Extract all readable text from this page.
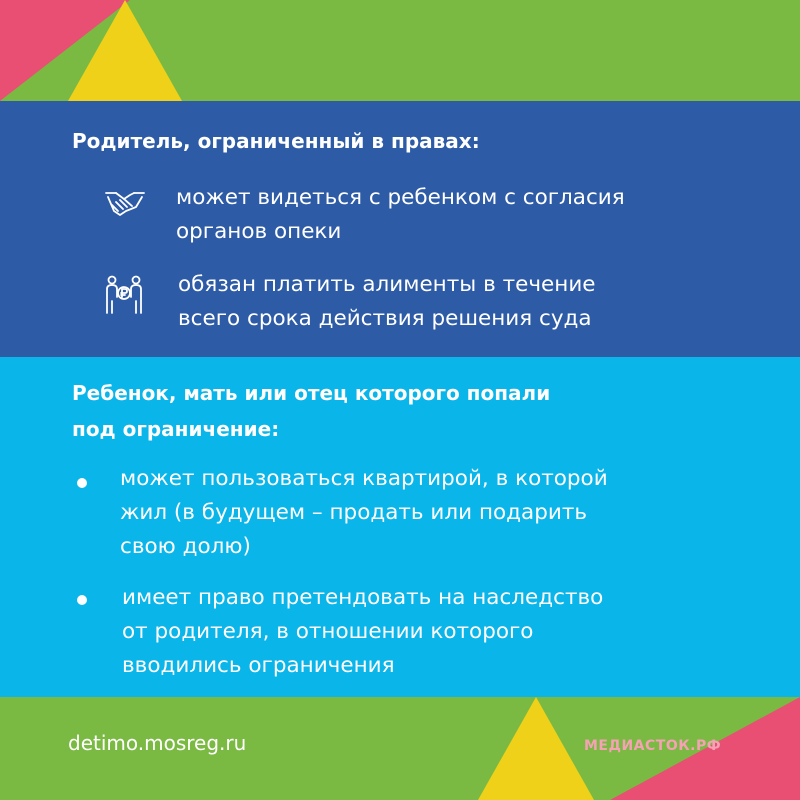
Родитель, ограниченный в правах:

может видеться с ребенком с согласия
органов опеки

обязан платить алименты в течение
всего срока действия решения суда

Ребенок, мать или отец которого попали
под ограничение:

может пользоваться квартирой, в которой
жил (в будущем – продать или подарить
свою долю)

имеет право претендовать на наследство
от родителя, в отношении которого
вводились ограничения

detimo.mosreg.ru	МЕДИАСТОК.РФ
